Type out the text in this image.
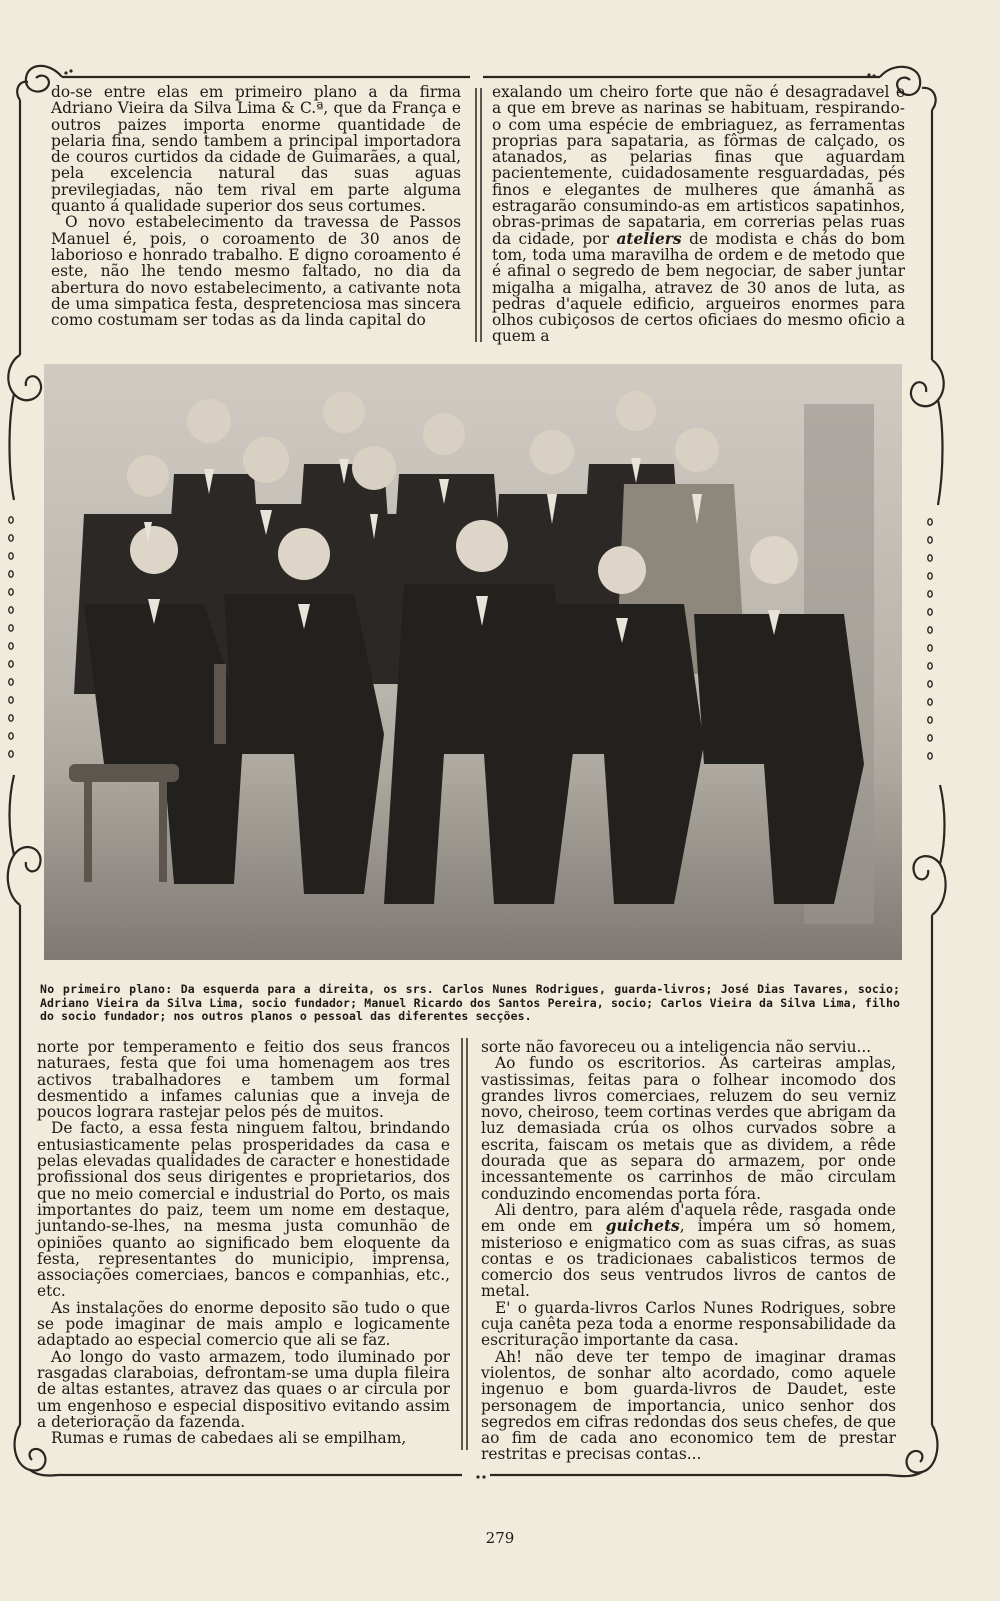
do-se entre elas em primeiro plano a da firma Adriano Vieira da Silva Lima & C.ª, que da França e outros paizes importa enorme quantidade de pelaria fina, sendo tambem a principal importadora de couros curtidos da cidade de Guimarães, a qual, pela excelencia natural das suas aguas previlegiadas, não tem rival em parte alguma quanto á qualidade superior dos seus cortumes.

O novo estabelecimento da travessa de Passos Manuel é, pois, o coroamento de 30 anos de laborioso e honrado trabalho. E digno coroamento é este, não lhe tendo mesmo faltado, no dia da abertura do novo estabelecimento, a cativante nota de uma simpatica festa, despretenciosa mas sincera como costumam ser todas as da linda capital do

exalando um cheiro forte que não é desagradavel e a que em breve as narinas se habituam, respirando-o com uma espécie de embriaguez, as ferramentas proprias para sapataria, as fôrmas de calçado, os atanados, as pelarias finas que aguardam pacientemente, cuidadosamente resguardadas, pés finos e elegantes de mulheres que ámanhã as estragarão consumindo-as em artisticos sapatinhos, obras-primas de sapataria, em correrias pelas ruas da cidade, por ateliers de modista e chás do bom tom, toda uma maravilha de ordem e de metodo que é afinal o segredo de bem negociar, de saber juntar migalha a migalha, atravez de 30 anos de luta, as pedras d'aquele edificio, argueiros enormes para olhos cubiçosos de certos oficiaes do mesmo oficio a quem a

No primeiro plano: Da esquerda para a direita, os srs. Carlos Nunes Rodrigues, guarda-livros; José Dias Tavares, socio; Adriano Vieira da Silva Lima, socio fundador; Manuel Ricardo dos Santos Pereira, socio; Carlos Vieira da Silva Lima, filho do socio fundador; nos outros planos o pessoal das diferentes secções.

norte por temperamento e feitio dos seus francos naturaes, festa que foi uma homenagem aos tres activos trabalhadores e tambem um formal desmentido a infames calunias que a inveja de poucos lograra rastejar pelos pés de muitos.

De facto, a essa festa ninguem faltou, brindando entusiasticamente pelas prosperidades da casa e pelas elevadas qualidades de caracter e honestidade profissional dos seus dirigentes e proprietarios, dos que no meio comercial e industrial do Porto, os mais importantes do paiz, teem um nome em destaque, juntando-se-lhes, na mesma justa comunhão de opiniões quanto ao significado bem eloquente da festa, representantes do municipio, imprensa, associações comerciaes, bancos e companhias, etc., etc.

As instalações do enorme deposito são tudo o que se pode imaginar de mais amplo e logicamente adaptado ao especial comercio que ali se faz.

Ao longo do vasto armazem, todo iluminado por rasgadas claraboias, defrontam-se uma dupla fileira de altas estantes, atravez das quaes o ar circula por um engenhoso e especial dispositivo evitando assim a deterioração da fazenda.

Rumas e rumas de cabedaes ali se empilham,

sorte não favoreceu ou a inteligencia não serviu...

Ao fundo os escritorios. As carteiras amplas, vastissimas, feitas para o folhear incomodo dos grandes livros comerciaes, reluzem do seu verniz novo, cheiroso, teem cortinas verdes que abrigam da luz demasiada crúa os olhos curvados sobre a escrita, faiscam os metais que as dividem, a rêde dourada que as separa do armazem, por onde incessantemente os carrinhos de mão circulam conduzindo encomendas porta fóra.

Ali dentro, para além d'aquela rêde, rasgada onde em onde em guichets, impéra um só homem, misterioso e enigmatico com as suas cifras, as suas contas e os tradicionaes cabalisticos termos de comercio dos seus ventrudos livros de cantos de metal.

E' o guarda-livros Carlos Nunes Rodrigues, sobre cuja canêta peza toda a enorme responsabilidade da escrituração importante da casa.

Ah! não deve ter tempo de imaginar dramas violentos, de sonhar alto acordado, como aquele ingenuo e bom guarda-livros de Daudet, este personagem de importancia, unico senhor dos segredos em cifras redondas dos seus chefes, de que ao fim de cada ano economico tem de prestar restritas e precisas contas...

279
